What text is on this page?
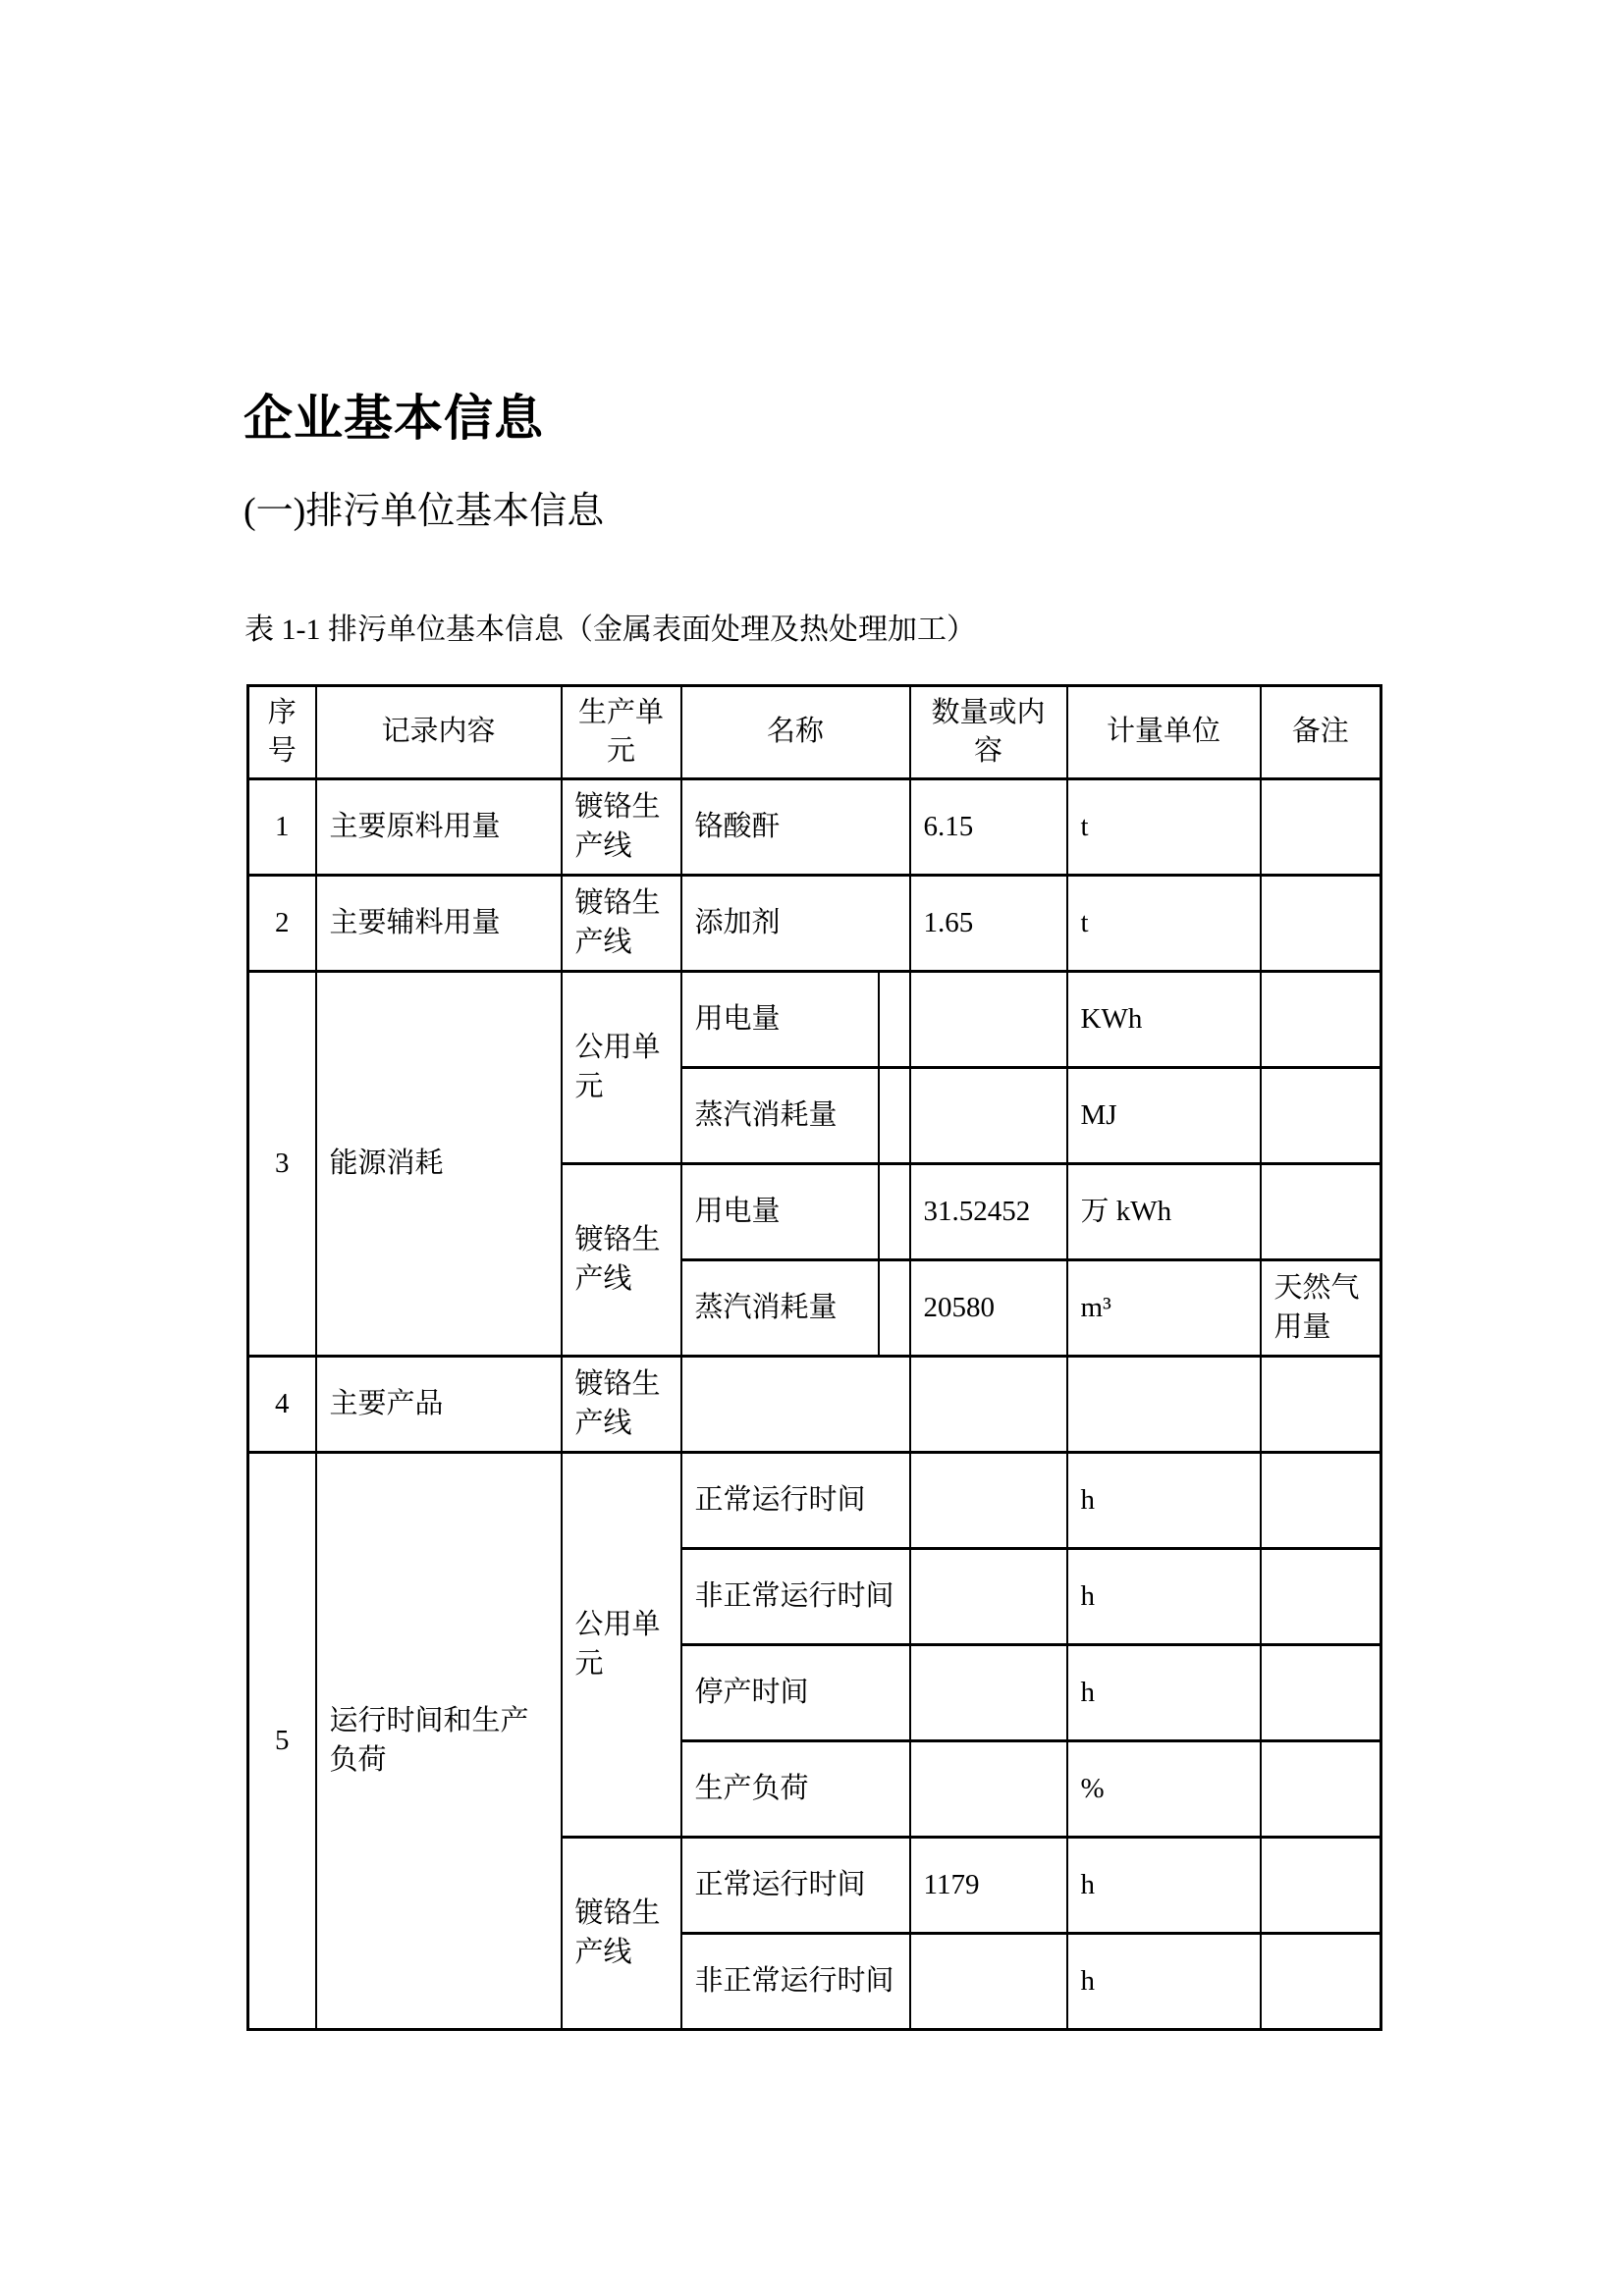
企业基本信息
(一)排污单位基本信息
表 1-1 排污单位基本信息（金属表面处理及热处理加工）
序号	记录内容	生产单元	名称		数量或内容	计量单位	备注
1	主要原料用量	镀铬生产线	铬酸酐		6.15	t	
2	主要辅料用量	镀铬生产线	添加剂		1.65	t	
3	能源消耗	公用单元	用电量			KWh	
			蒸汽消耗量			MJ	
		镀铬生产线	用电量		31.52452	万 kWh	
			蒸汽消耗量		20580	m³	天然气用量
4	主要产品	镀铬生产线					
5	运行时间和生产负荷	公用单元	正常运行时间			h	
			非正常运行时间			h	
			停产时间			h	
			生产负荷			%	
		镀铬生产线	正常运行时间		1179	h	
			非正常运行时间			h	
